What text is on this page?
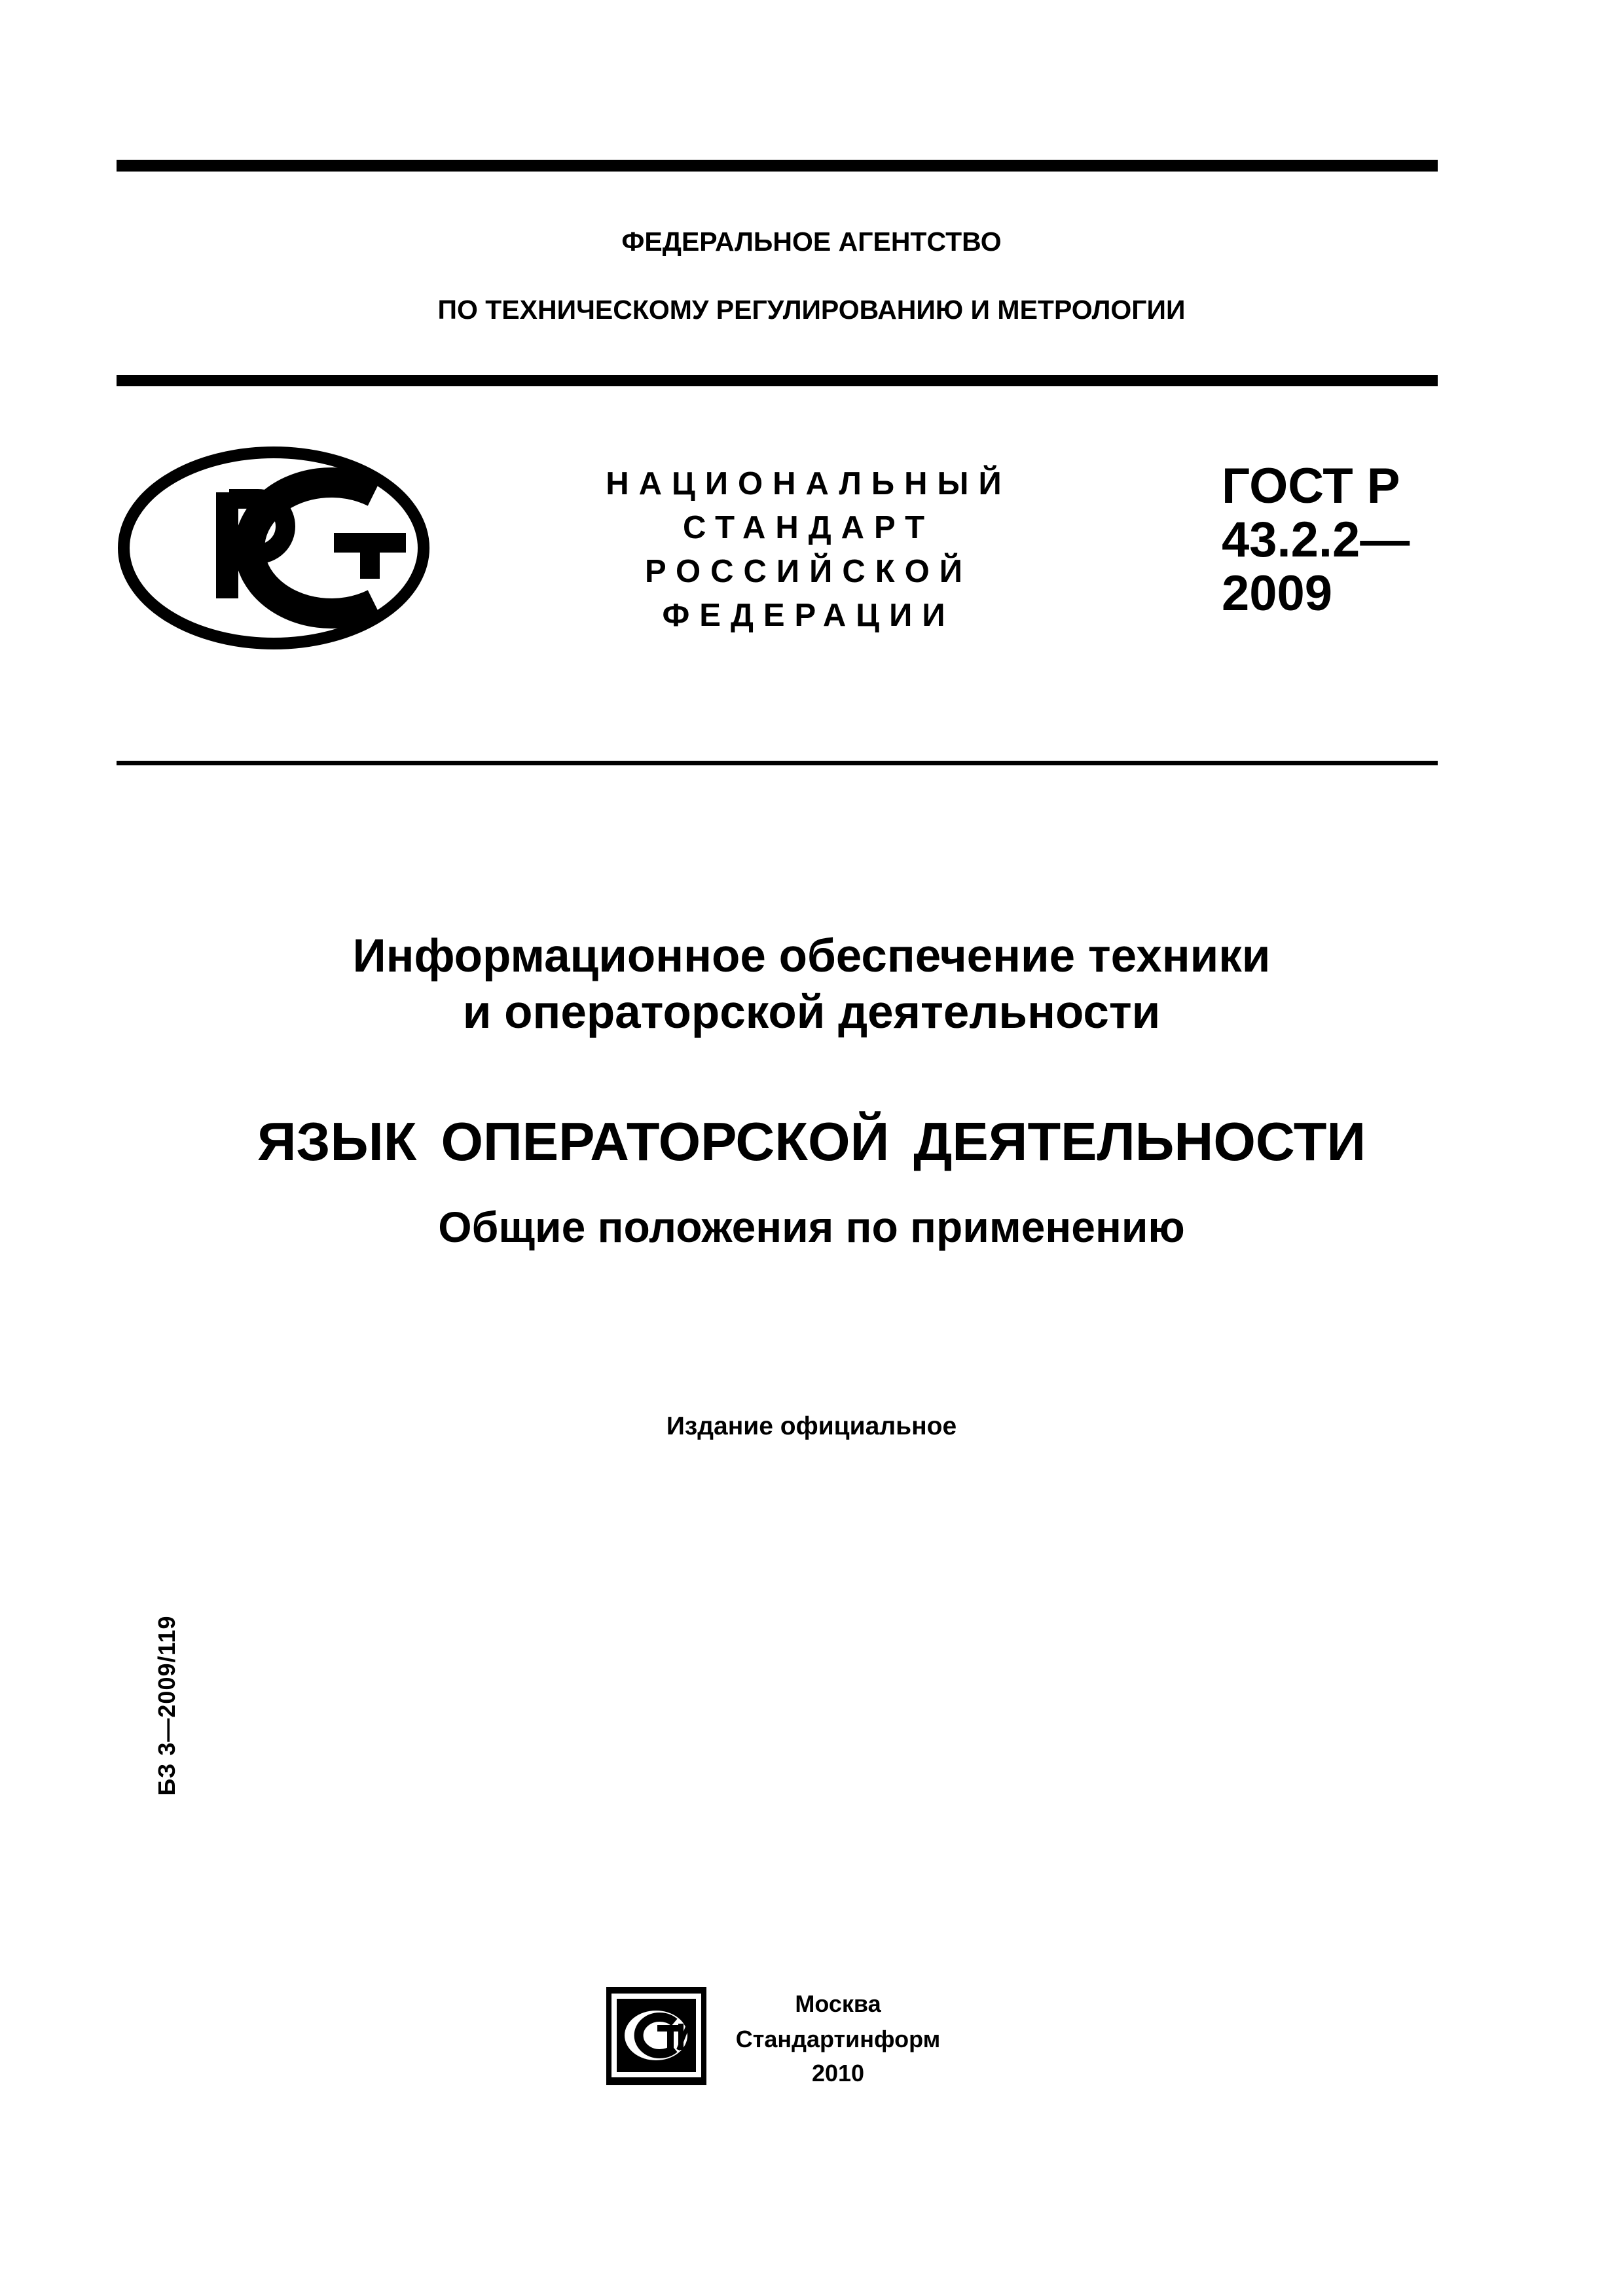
ФЕДЕРАЛЬНОЕ АГЕНТСТВО
ПО ТЕХНИЧЕСКОМУ РЕГУЛИРОВАНИЮ И МЕТРОЛОГИИ
НАЦИОНАЛЬНЫЙ
СТАНДАРТ
РОССИЙСКОЙ
ФЕДЕРАЦИИ
ГОСТ Р
43.2.2—
2009
Информационное обеспечение техники
и операторской деятельности
ЯЗЫК ОПЕРАТОРСКОЙ ДЕЯТЕЛЬНОСТИ
Общие положения по применению
Издание официальное
БЗ 3—2009/119
Москва
Стандартинформ
2010
